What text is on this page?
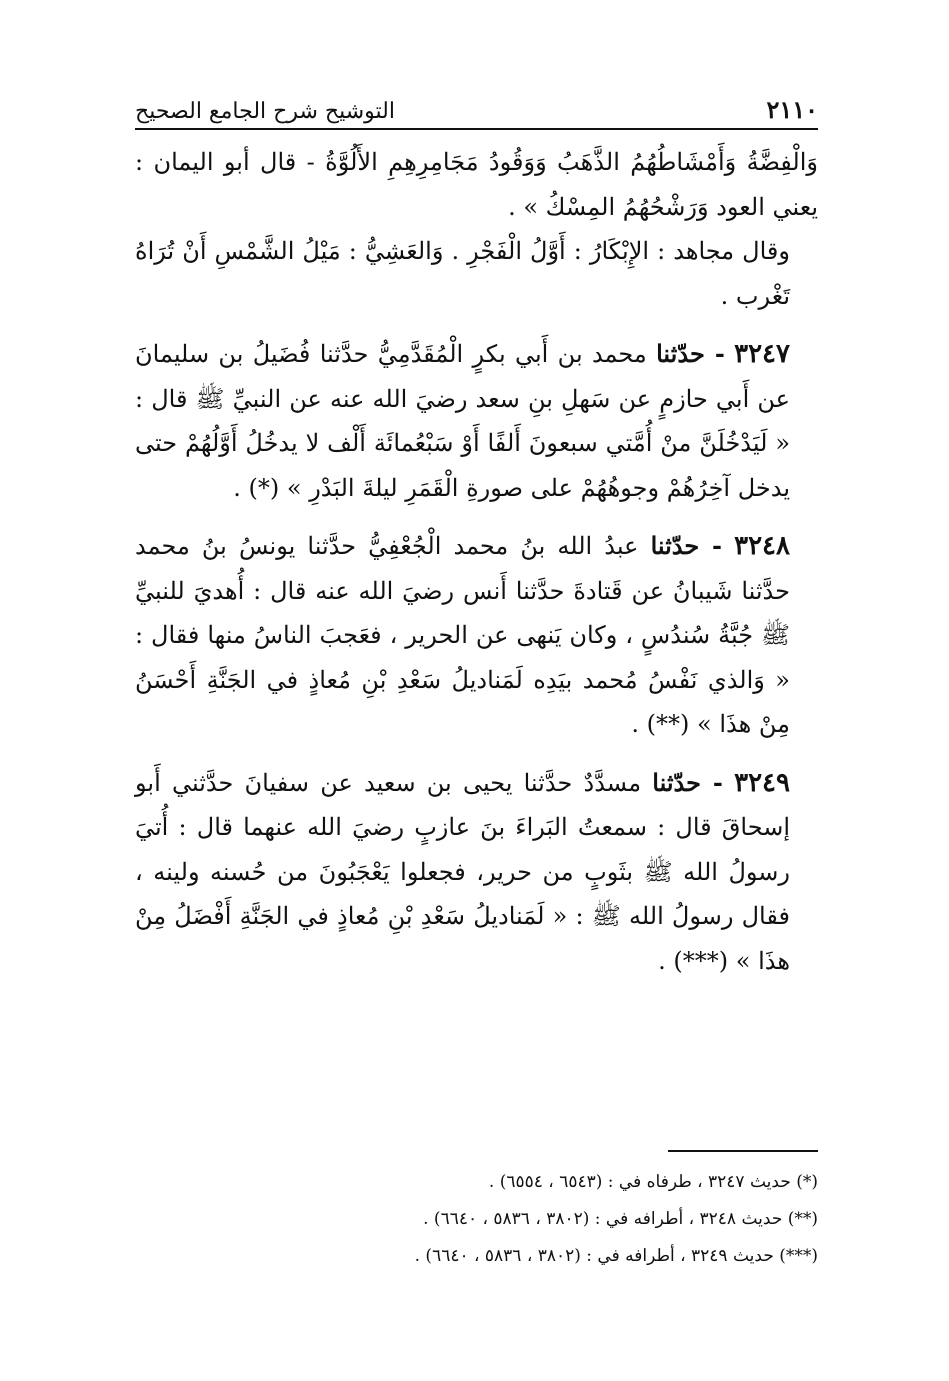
٢١١٠
التوشيح شرح الجامع الصحيح

وَالْفِضَّةُ وَأَمْشَاطُهُمُ الذَّهَبُ وَوَقُودُ مَجَامِرِهِمِ الأَلُوَّةُ - قال أبو اليمان : يعني العود وَرَشْحُهُمُ المِسْكُ » .

وقال مجاهد : الإِبْكَارُ : أَوَّلُ الْفَجْرِ . وَالعَشِيُّ : مَيْلُ الشَّمْسِ أَنْ تُرَاهُ تَغْرب .

٣٢٤٧ - حدّثنا محمد بن أَبي بكرٍ الْمُقَدَّمِيُّ حدَّثنا فُضَيلُ بن سليمانَ عن أَبي حازمٍ عن سَهلِ بنِ سعد رضيَ الله عنه عن النبيِّ ﷺ قال : « لَيَدْخُلَنَّ منْ أُمَّتي سبعونَ أَلفًا أَوْ سَبْعُمائَة أَلْف لا يدخُلُ أَوَّلُهُمْ حتى يدخل آخِرُهُمْ وجوهُهُمْ على صورةِ الْقَمَرِ ليلةَ البَدْرِ » (*) .

٣٢٤٨ - حدّثنا عبدُ الله بنُ محمد الْجُعْفِيُّ حدَّثنا يونسُ بنُ محمد حدَّثنا شَيبانُ عن قَتادةَ حدَّثنا أَنس رضيَ الله عنه قال : أُهديَ للنبيِّ ﷺ جُبَّةُ سُندُسٍ ، وكان يَنهى عن الحرير ، فعَجبَ الناسُ منها فقال : « وَالذي نَفْسُ مُحمد بيَدِه لَمَناديلُ سَعْدِ بْنِ مُعاذٍ في الجَنَّةِ أَحْسَنُ مِنْ هذَا » (**) .

٣٢٤٩ - حدّثنا مسدَّدٌ حدَّثنا يحيى بن سعيد عن سفيانَ حدَّثني أَبو إسحاقَ قال : سمعتُ البَراءَ بنَ عازبٍ رضيَ الله عنهما قال : أُتيَ رسولُ الله ﷺ بثَوبٍ من حرير، فجعلوا يَعْجَبُونَ من حُسنه ولينه ، فقال رسولُ الله ﷺ : « لَمَناديلُ سَعْدِ بْنِ مُعاذٍ في الجَنَّةِ أَفْضَلُ مِنْ هذَا » (***) .

(*) حديث ٣٢٤٧ ، طرفاه في : (٦٥٤٣ ، ٦٥٥٤) .

(**) حديث ٣٢٤٨ ، أطرافه في : (٣٨٠٢ ، ٥٨٣٦ ، ٦٦٤٠) .

(***) حديث ٣٢٤٩ ، أطرافه في : (٣٨٠٢ ، ٥٨٣٦ ، ٦٦٤٠) .
